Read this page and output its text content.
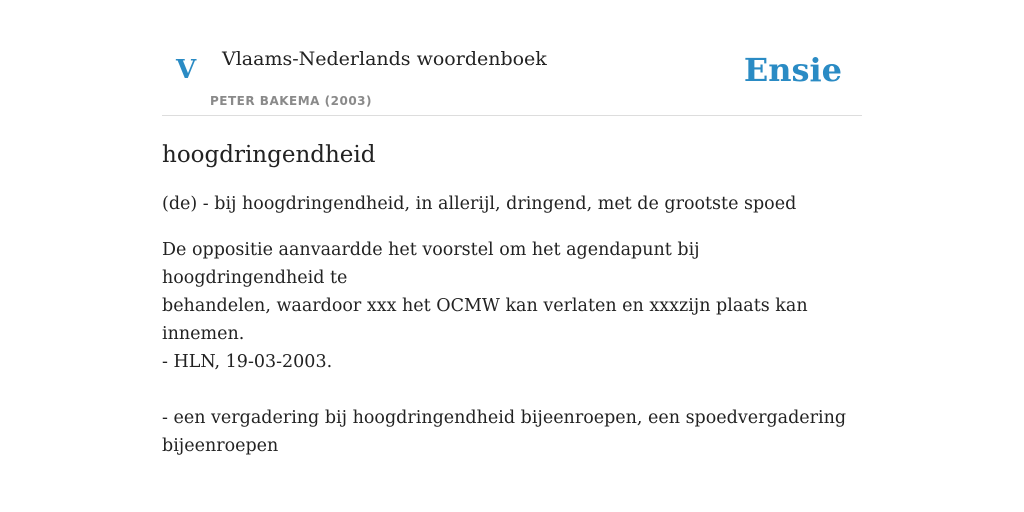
V Vlaams-Nederlands woordenboek
PETER BAKEMA (2003)
Ensie
hoogdringendheid

(de) - bij hoogdringendheid, in allerijl, dringend, met de grootste spoed

De oppositie aanvaardde het voorstel om het agendapunt bij hoogdringendheid te
behandelen, waardoor xxx het OCMW kan verlaten en xxxzijn plaats kan innemen.
- HLN, 19-03-2003.
- een vergadering bij hoogdringendheid bijeenroepen, een spoedvergadering
bijeenroepen
